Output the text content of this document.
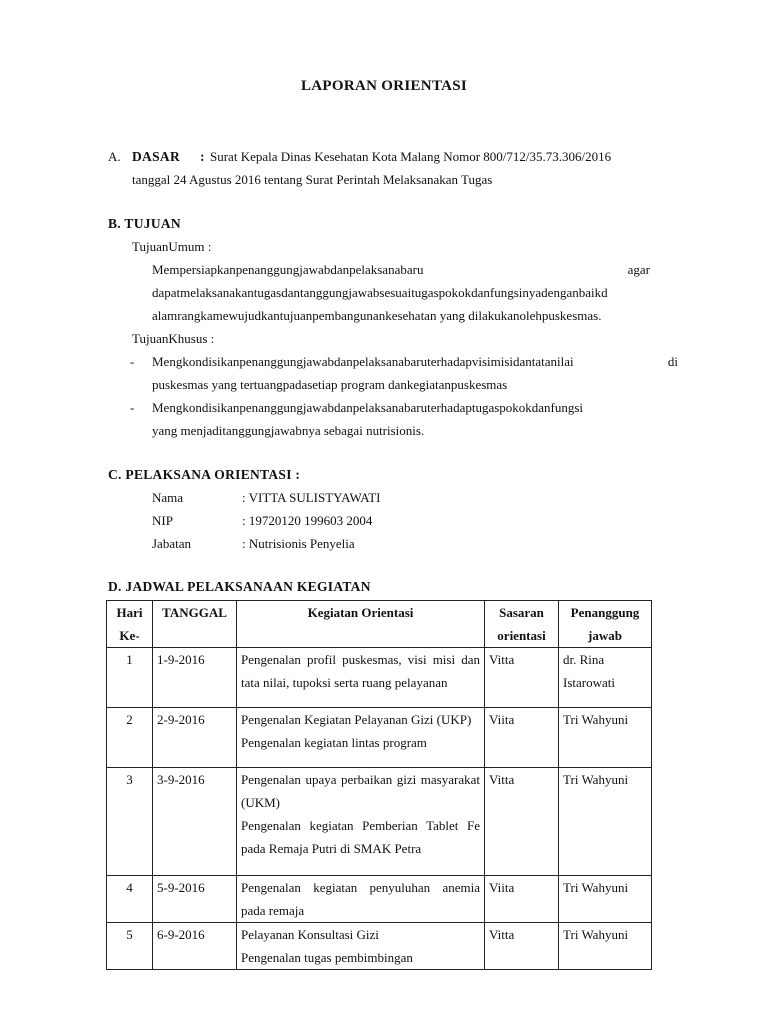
LAPORAN ORIENTASI
A. DASAR : Surat Kepala Dinas Kesehatan Kota Malang Nomor 800/712/35.73.306/2016
tanggal 24 Agustus 2016 tentang Surat Perintah Melaksanakan Tugas
B. TUJUAN
TujuanUmum :
Mempersiapkanpenanggungjawabdanpelaksanabaru	agar
dapatmelaksanakantugasdantanggungjawabsesuaitugaspokokdanfungsinyadenganbaikd
alamrangkamewujudkantujuanpembangunankesehatan yang dilakukanolehpuskesmas.
TujuanKhusus :
- Mengkondisikanpenanggungjawabdanpelaksanabaruterhadapvisimisidantatanilai	di
puskesmas yang tertuangpadasetiap program dankegiatanpuskesmas
- Mengkondisikanpenanggungjawabdanpelaksanabaruterhadaptugaspokokdanfungsi
yang menjaditanggungjawabnya sebagai nutrisionis.
C. PELAKSANA ORIENTASI :
Nama	: VITTA SULISTYAWATI
NIP	: 19720120 199603 2004
Jabatan	: Nutrisionis Penyelia
D. JADWAL PELAKSANAAN KEGIATAN
Hari Ke-	TANGGAL	Kegiatan Orientasi	Sasaran orientasi	Penanggung jawab
1	1-9-2016	Pengenalan profil puskesmas, visi misi dan tata nilai, tupoksi serta ruang pelayanan	Vitta	dr. Rina Istarowati
2	2-9-2016	Pengenalan Kegiatan Pelayanan Gizi (UKP)
Pengenalan kegiatan lintas program	Viita	Tri Wahyuni
3	3-9-2016	Pengenalan upaya perbaikan gizi masyarakat (UKM)
Pengenalan kegiatan Pemberian Tablet Fe pada Remaja Putri di SMAK Petra	Vitta	Tri Wahyuni
4	5-9-2016	Pengenalan kegiatan penyuluhan anemia pada remaja	Viita	Tri Wahyuni
5	6-9-2016	Pelayanan Konsultasi Gizi
Pengenalan tugas pembimbingan	Vitta	Tri Wahyuni
